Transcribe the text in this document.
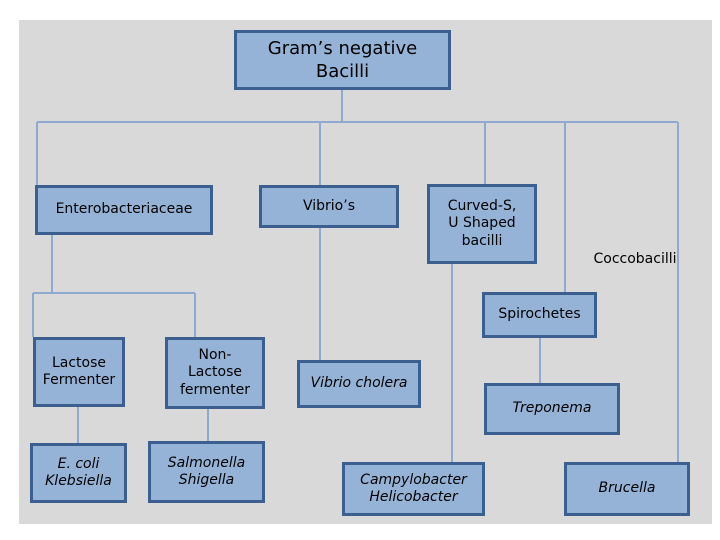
Gram’s negative
Bacilli
Enterobacteriaceae	Vibrio’s	Curved-S,
U Shaped
bacilli
Coccobacilli
Spirochetes
Lactose
Fermenter
Non-
Lactose
fermenter	Vibrio cholera
Treponema
E. coli
Klebsiella
Salmonella
Shigella	Campylobacter
Helicobacter
Brucella
